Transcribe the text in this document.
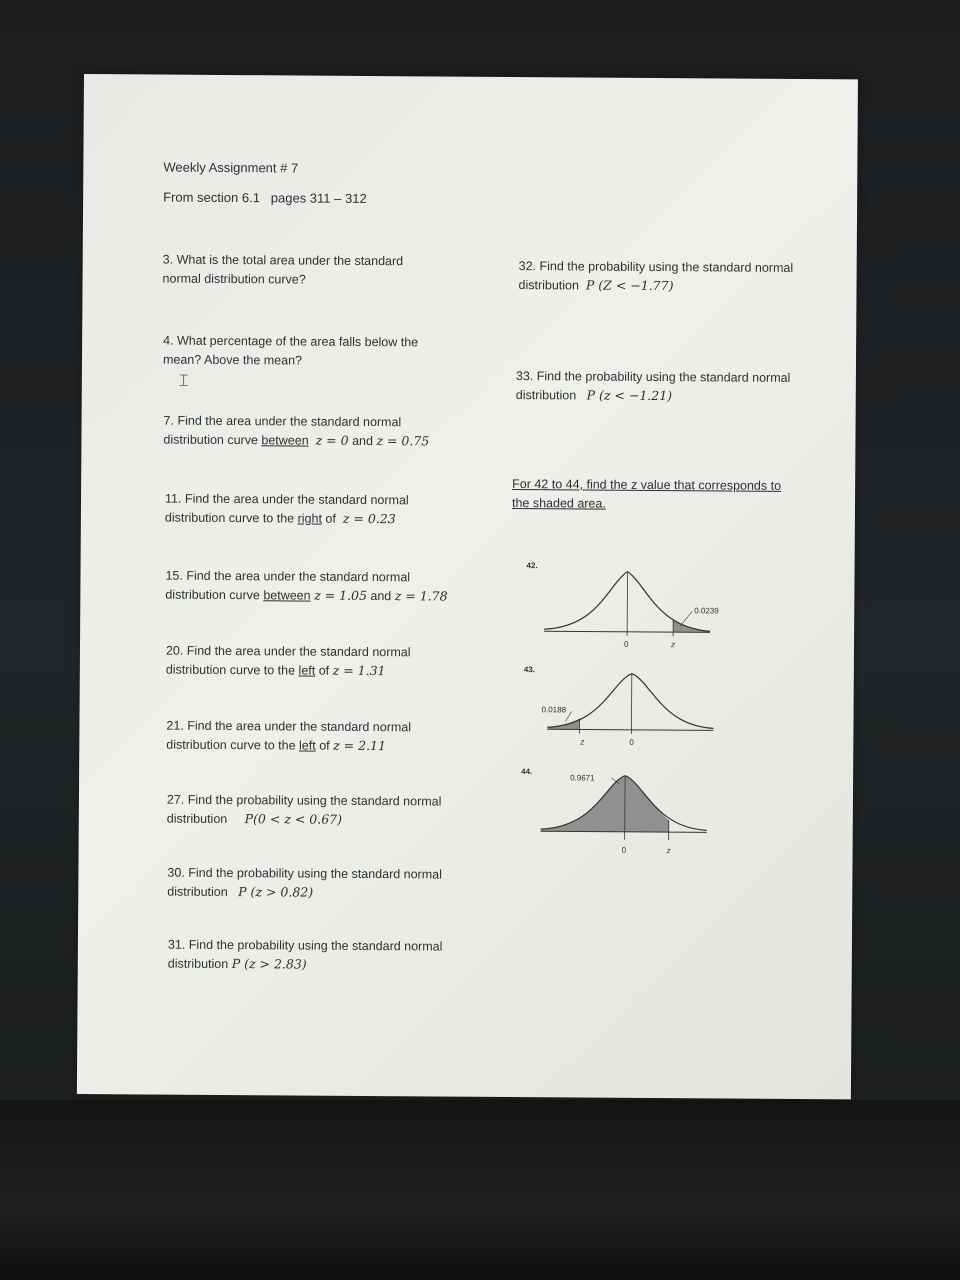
Weekly Assignment # 7
From section 6.1 pages 311 – 312
3. What is the total area under the standard
normal distribution curve?
4. What percentage of the area falls below the
mean? Above the mean?
⌶
7. Find the area under the standard normal
distribution curve between z = 0 and z = 0.75
11. Find the area under the standard normal
distribution curve to the right of z = 0.23
15. Find the area under the standard normal
distribution curve between z = 1.05 and z = 1.78
20. Find the area under the standard normal
distribution curve to the left of z = 1.31
21. Find the area under the standard normal
distribution curve to the left of z = 2.11
27. Find the probability using the standard normal
distribution P(0 < z < 0.67)
30. Find the probability using the standard normal
distribution P (z > 0.82)
31. Find the probability using the standard normal
distribution P (z > 2.83)
32. Find the probability using the standard normal
distribution P (Z < −1.77)
33. Find the probability using the standard normal
distribution P (z < −1.21)
For 42 to 44, find the z value that corresponds to
the shaded area.
42.
0.0239
0	z
43.
0.0188
0
z
44.
0.9671
0	z
